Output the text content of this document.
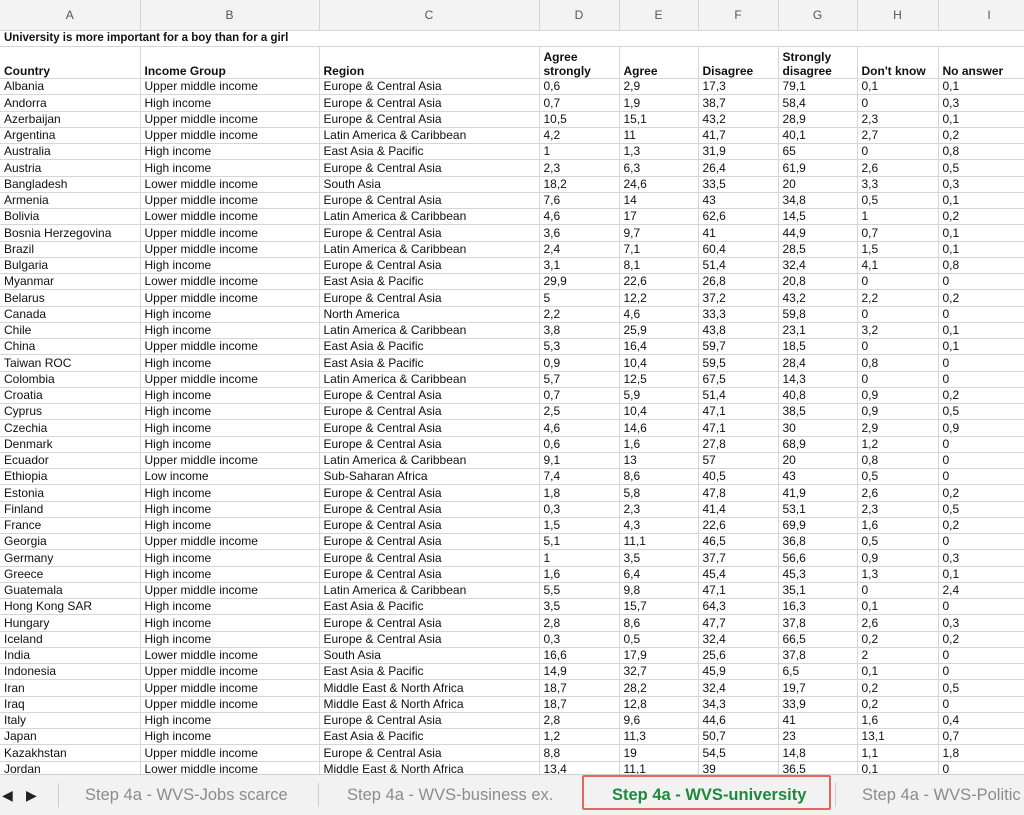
A	B	C	D	E	F	G	H	I
University is more important for a boy than for a girl								
Country	Income Group	Region	Agree strongly	Agree	Disagree	Strongly disagree	Don't know	No answer
Albania	Upper middle income	Europe & Central Asia	0,6	2,9	17,3	79,1	0,1	0,1
Andorra	High income	Europe & Central Asia	0,7	1,9	38,7	58,4	0	0,3
Azerbaijan	Upper middle income	Europe & Central Asia	10,5	15,1	43,2	28,9	2,3	0,1
Argentina	Upper middle income	Latin America & Caribbean	4,2	11	41,7	40,1	2,7	0,2
Australia	High income	East Asia & Pacific	1	1,3	31,9	65	0	0,8
Austria	High income	Europe & Central Asia	2,3	6,3	26,4	61,9	2,6	0,5
Bangladesh	Lower middle income	South Asia	18,2	24,6	33,5	20	3,3	0,3
Armenia	Upper middle income	Europe & Central Asia	7,6	14	43	34,8	0,5	0,1
Bolivia	Lower middle income	Latin America & Caribbean	4,6	17	62,6	14,5	1	0,2
Bosnia Herzegovina	Upper middle income	Europe & Central Asia	3,6	9,7	41	44,9	0,7	0,1
Brazil	Upper middle income	Latin America & Caribbean	2,4	7,1	60,4	28,5	1,5	0,1
Bulgaria	High income	Europe & Central Asia	3,1	8,1	51,4	32,4	4,1	0,8
Myanmar	Lower middle income	East Asia & Pacific	29,9	22,6	26,8	20,8	0	0
Belarus	Upper middle income	Europe & Central Asia	5	12,2	37,2	43,2	2,2	0,2
Canada	High income	North America	2,2	4,6	33,3	59,8	0	0
Chile	High income	Latin America & Caribbean	3,8	25,9	43,8	23,1	3,2	0,1
China	Upper middle income	East Asia & Pacific	5,3	16,4	59,7	18,5	0	0,1
Taiwan ROC	High income	East Asia & Pacific	0,9	10,4	59,5	28,4	0,8	0
Colombia	Upper middle income	Latin America & Caribbean	5,7	12,5	67,5	14,3	0	0
Croatia	High income	Europe & Central Asia	0,7	5,9	51,4	40,8	0,9	0,2
Cyprus	High income	Europe & Central Asia	2,5	10,4	47,1	38,5	0,9	0,5
Czechia	High income	Europe & Central Asia	4,6	14,6	47,1	30	2,9	0,9
Denmark	High income	Europe & Central Asia	0,6	1,6	27,8	68,9	1,2	0
Ecuador	Upper middle income	Latin America & Caribbean	9,1	13	57	20	0,8	0
Ethiopia	Low income	Sub-Saharan Africa	7,4	8,6	40,5	43	0,5	0
Estonia	High income	Europe & Central Asia	1,8	5,8	47,8	41,9	2,6	0,2
Finland	High income	Europe & Central Asia	0,3	2,3	41,4	53,1	2,3	0,5
France	High income	Europe & Central Asia	1,5	4,3	22,6	69,9	1,6	0,2
Georgia	Upper middle income	Europe & Central Asia	5,1	11,1	46,5	36,8	0,5	0
Germany	High income	Europe & Central Asia	1	3,5	37,7	56,6	0,9	0,3
Greece	High income	Europe & Central Asia	1,6	6,4	45,4	45,3	1,3	0,1
Guatemala	Upper middle income	Latin America & Caribbean	5,5	9,8	47,1	35,1	0	2,4
Hong Kong SAR	High income	East Asia & Pacific	3,5	15,7	64,3	16,3	0,1	0
Hungary	High income	Europe & Central Asia	2,8	8,6	47,7	37,8	2,6	0,3
Iceland	High income	Europe & Central Asia	0,3	0,5	32,4	66,5	0,2	0,2
India	Lower middle income	South Asia	16,6	17,9	25,6	37,8	2	0
Indonesia	Upper middle income	East Asia & Pacific	14,9	32,7	45,9	6,5	0,1	0
Iran	Upper middle income	Middle East & North Africa	18,7	28,2	32,4	19,7	0,2	0,5
Iraq	Upper middle income	Middle East & North Africa	18,7	12,8	34,3	33,9	0,2	0
Italy	High income	Europe & Central Asia	2,8	9,6	44,6	41	1,6	0,4
Japan	High income	East Asia & Pacific	1,2	11,3	50,7	23	13,1	0,7
Kazakhstan	Upper middle income	Europe & Central Asia	8,8	19	54,5	14,8	1,1	1,8
Jordan	Lower middle income	Middle East & North Africa	13,4	11,1	39	36,5	0,1	0
◀ ▶	Step 4a - WVS-Jobs scarce	Step 4a - WVS-business ex.	Step 4a - WVS-university	Step 4a - WVS-Politic
